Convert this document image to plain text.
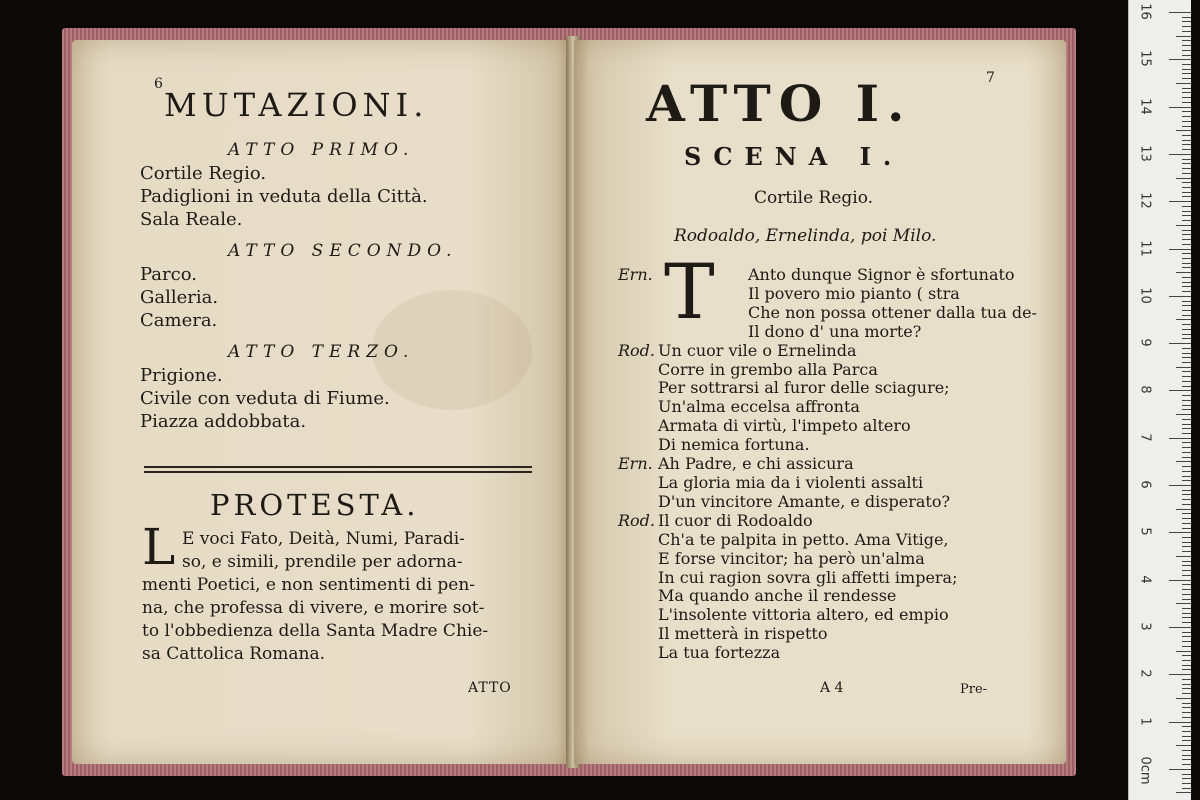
6
MUTAZIONI.
ATTO PRIMO.
Cortile Regio.
Padiglioni in veduta della Città.
Sala Reale.
ATTO SECONDO.
Parco.
Galleria.
Camera.
ATTO TERZO.
Prigione.
Civile con veduta di Fiume.
Piazza addobbata.
PROTESTA.
L E voci Fato, Deità, Numi, Paradi-
so, e simili, prendile per adorna-
menti Poetici, e non sentimenti di pen-
na, che professa di vivere, e morire sot-
to l'obbedienza della Santa Madre Chie-
sa Cattolica Romana.
ATTO
7
ATTO I.
SCENA I.
Cortile Regio.
Rodoaldo, Ernelinda, poi Milo.
T
Ern.	Anto dunque Signor è sfortunato
Il povero mio pianto ( stra
Che non possa ottener dalla tua de-
Il dono d' una morte?
Rod. Un cuor vile o Ernelinda
Corre in grembo alla Parca
Per sottrarsi al furor delle sciagure;
Un'alma eccelsa affronta
Armata di virtù, l'impeto altero
Di nemica fortuna.
Ern. Ah Padre, e chi assicura
La gloria mia da i violenti assalti
D'un vincitore Amante, e disperato?
Rod. Il cuor di Rodoaldo
Ch'a te palpita in petto. Ama Vitige,
E forse vincitor; ha però un'alma
In cui ragion sovra gli affetti impera;
Ma quando anche il rendesse
L'insolente vittoria altero, ed empio
Il metterà in rispetto
La tua fortezza
A 4	Pre-
16
15
14
13
12
11
10
9
8
7
6
5
4
3
2
1
0cm
